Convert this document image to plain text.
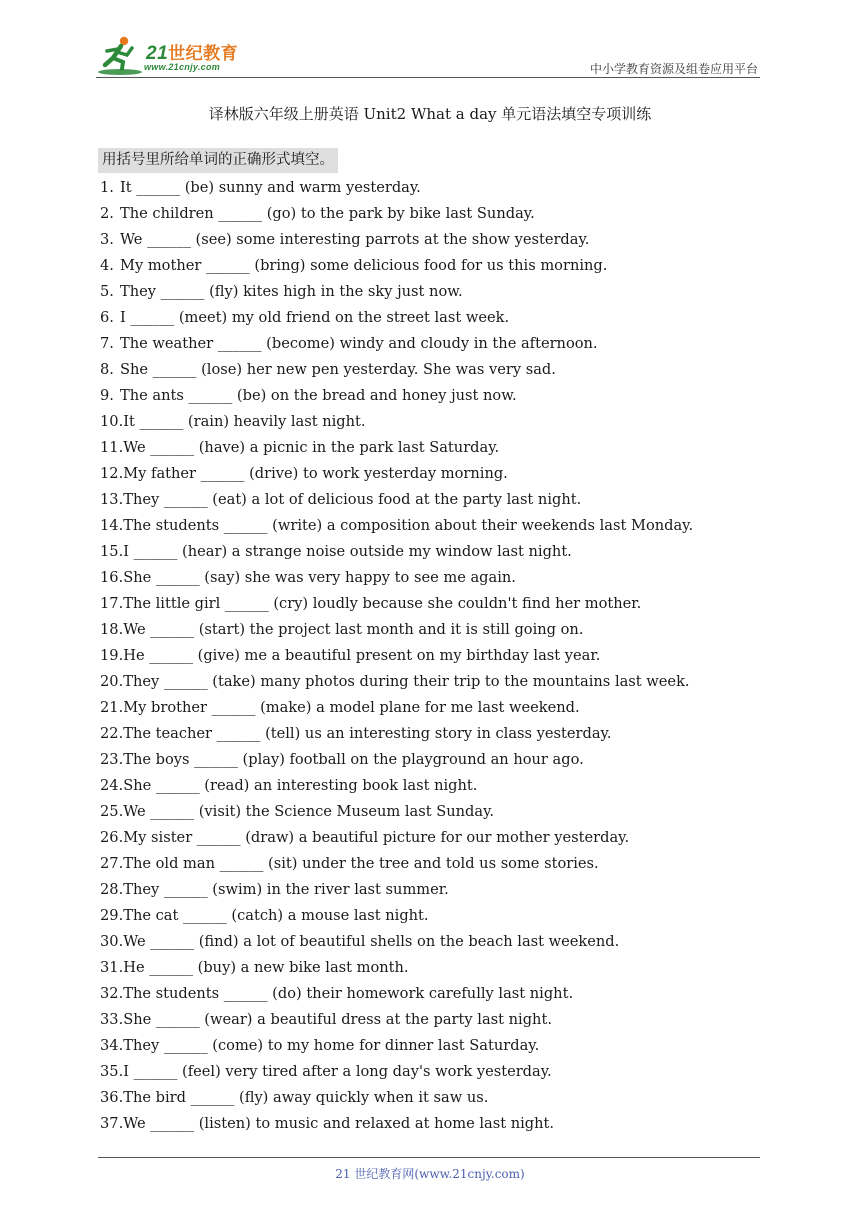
21世纪教育
www.21cnjy.com	中小学教育资源及组卷应用平台
译林版六年级上册英语 Unit2 What a day 单元语法填空专项训练
用括号里所给单词的正确形式填空。
1. It ______ (be) sunny and warm yesterday.
2. The children ______ (go) to the park by bike last Sunday.
3. We ______ (see) some interesting parrots at the show yesterday.
4. My mother ______ (bring) some delicious food for us this morning.
5. They ______ (fly) kites high in the sky just now.
6. I ______ (meet) my old friend on the street last week.
7. The weather ______ (become) windy and cloudy in the afternoon.
8. She ______ (lose) her new pen yesterday. She was very sad.
9. The ants ______ (be) on the bread and honey just now.
10.It ______ (rain) heavily last night.
11.We ______ (have) a picnic in the park last Saturday.
12.My father ______ (drive) to work yesterday morning.
13.They ______ (eat) a lot of delicious food at the party last night.
14.The students ______ (write) a composition about their weekends last Monday.
15.I ______ (hear) a strange noise outside my window last night.
16.She ______ (say) she was very happy to see me again.
17.The little girl ______ (cry) loudly because she couldn't find her mother.
18.We ______ (start) the project last month and it is still going on.
19.He ______ (give) me a beautiful present on my birthday last year.
20.They ______ (take) many photos during their trip to the mountains last week.
21.My brother ______ (make) a model plane for me last weekend.
22.The teacher ______ (tell) us an interesting story in class yesterday.
23.The boys ______ (play) football on the playground an hour ago.
24.She ______ (read) an interesting book last night.
25.We ______ (visit) the Science Museum last Sunday.
26.My sister ______ (draw) a beautiful picture for our mother yesterday.
27.The old man ______ (sit) under the tree and told us some stories.
28.They ______ (swim) in the river last summer.
29.The cat ______ (catch) a mouse last night.
30.We ______ (find) a lot of beautiful shells on the beach last weekend.
31.He ______ (buy) a new bike last month.
32.The students ______ (do) their homework carefully last night.
33.She ______ (wear) a beautiful dress at the party last night.
34.They ______ (come) to my home for dinner last Saturday.
35.I ______ (feel) very tired after a long day's work yesterday.
36.The bird ______ (fly) away quickly when it saw us.
37.We ______ (listen) to music and relaxed at home last night.
21 世纪教育网(www.21cnjy.com)
